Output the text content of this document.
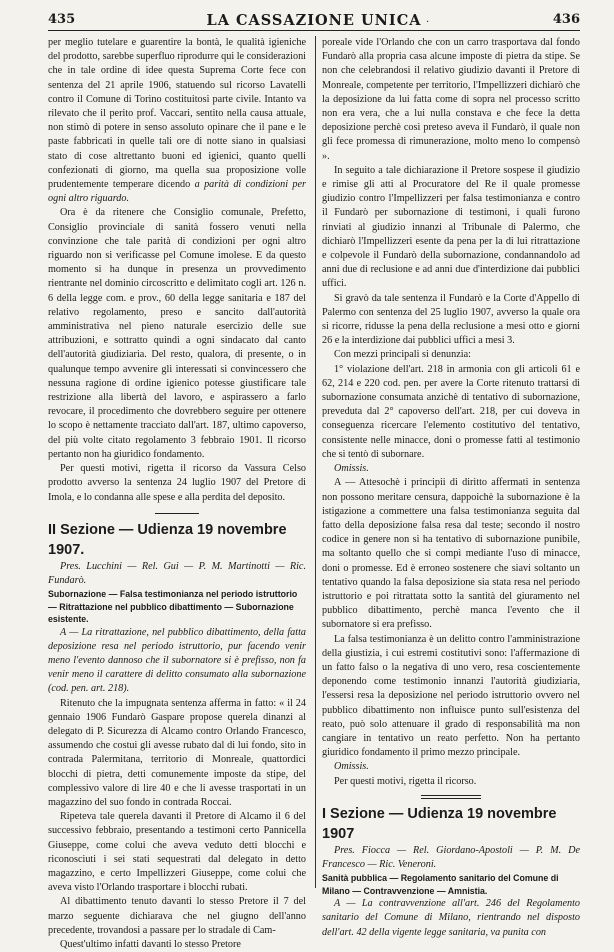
435	LA CASSAZIONE UNICA .	436

per meglio tutelare e guarentire la bontà, le qualità igieniche del prodotto, sarebbe superfluo riprodurre qui le considerazioni che in tale ordine di idee questa Suprema Corte fece con sentenza del 21 aprile 1906, statuendo sul ricorso Lavatelli contro il Comune di Torino costituitosi parte civile. Intanto va rilevato che il perito prof. Vaccari, sentito nella causa attuale, non stimò di potere in senso assoluto opinare che il pane e le paste fabbricati in quelle tali ore di notte siano in qualsiasi stato di cose altrettanto buoni ed igienici, quanto quelli confezionati di giorno, ma quella sua proposizione volle prudentemente temperare dicendo a parità di condizioni per ogni altro riguardo.

Ora è da ritenere che Consiglio comunale, Prefetto, Consiglio provinciale di sanità fossero venuti nella convinzione che tale parità di condizioni per ogni altro riguardo non si verificasse pel Comune imolese. E da questo momento si ha dunque in presenza un provvedimento rientrante nel dominio circoscritto e delimitato cogli art. 126 n. 6 della legge com. e prov., 60 della legge sanitaria e 187 del relativo regolamento, preso e sancito dall'autorità amministrativa nel pieno naturale esercizio delle sue attribuzioni, e sottratto quindi a ogni sindacato dal canto dell'autorità giudiziaria. Del resto, qualora, di presente, o in qualunque tempo avvenire gli interessati si convincessero che nessuna ragione di ordine igienico potesse giustificare tale restrizione alla libertà del lavoro, e aspirassero a farlo revocare, il procedimento che dovrebbero seguire per ottenere lo scopo è nettamente tracciato dall'art. 187, ultimo capoverso, del più volte citato regolamento 3 febbraio 1901. Il ricorso pertanto non ha giuridico fondamento.

Per questi motivi, rigetta il ricorso da Vassura Celso prodotto avverso la sentenza 24 luglio 1907 del Pretore di Imola, e lo condanna alle spese e alla perdita del deposito.

II Sezione — Udienza 19 novembre 1907.

Pres. Lucchini — Rel. Gui — P. M. Martinotti — Ric. Fundarò.

Subornazione — Falsa testimonianza nel periodo istruttorio — Ritrattazione nel pubblico dibattimento — Subornazione esistente.

A — La ritrattazione, nel pubblico dibattimento, della fatta deposizione resa nel periodo istruttorio, pur facendo venir meno l'evento dannoso che il subornatore si è prefisso, non fa venir meno il carattere di delitto consumato alla subornazione (cod. pen. art. 218).

Ritenuto che la impugnata sentenza afferma in fatto: « il 24 gennaio 1906 Fundarò Gaspare propose querela dinanzi al delegato di P. Sicurezza di Alcamo contro Orlando Francesco, assumendo che costui gli avesse rubato dal di lui fondo, sito in contrada Palermitana, territorio di Monreale, quattordici blocchi di pietra, detti comunemente imposte da stipe, del complessivo valore di lire 40 e che li avesse trasportati in un magazzino del suo fondo in contrada Roccai.

Ripeteva tale querela davanti il Pretore di Alcamo il 6 del successivo febbraio, presentando a testimoni certo Pannicella Giuseppe, come colui che aveva veduto detti blocchi e riconosciuti i sei stati sequestrati dal delegato in detto magazzino, e certo Impellizzeri Giuseppe, come colui che aveva visto l'Orlando trasportare i blocchi rubati.

Al dibattimento tenuto davanti lo stesso Pretore il 7 del marzo seguente dichiarava che nel giugno dell'anno precedente, trovandosi a passare per lo stradale di Cam-

Quest'ultimo infatti davanti lo stesso Pretore

poreale vide l'Orlando che con un carro trasportava dal fondo Fundarò alla propria casa alcune imposte di pietra da stipe. Se non che celebrandosi il relativo giudizio davanti il Pretore di Monreale, competente per territorio, l'Impellizzeri dichiarò che la deposizione da lui fatta come di sopra nel processo scritto non era vera, che a lui nulla constava e che fece la detta deposizione perchè così preteso aveva il Fundarò, il quale non gli fece promessa di rimunerazione, molto meno lo compensò ».

In seguito a tale dichiarazione il Pretore sospese il giudizio e rimise gli atti al Procuratore del Re il quale promesse giudizio contro l'Impellizzeri per falsa testimonianza e contro il Fundarò per subornazione di testimoni, i quali furono rinviati al giudizio innanzi al Tribunale di Palermo, che dichiarò l'Impellizzeri esente da pena per la di lui ritrattazione e colpevole il Fundarò della subornazione, condannandolo ad anni due di reclusione e ad anni due d'interdizione dai pubblici uffici.

Si gravò da tale sentenza il Fundarò e la Corte d'Appello di Palermo con sentenza del 25 luglio 1907, avverso la quale ora si ricorre, ridusse la pena della reclusione a mesi otto e giorni 26 e la interdizione dai pubblici uffici a mesi 3.

Con mezzi principali si denunzia:

1° violazione dell'art. 218 in armonia con gli articoli 61 e 62, 214 e 220 cod. pen. per avere la Corte ritenuto trattarsi di subornazione consumata anzichè di tentativo di subornazione, preveduta dal 2° capoverso dell'art. 218, per cui doveva in conseguenza ricercare l'elemento costitutivo del tentativo, consistente nelle minacce, doni o promesse fatti al testimonio che si tentò di subornare.

Omissis.

A — Attesochè i principii di diritto affermati in sentenza non possono meritare censura, dappoichè la subornazione è la istigazione a commettere una falsa testimonianza seguita dal fatto della deposizione falsa resa dal teste; secondo il nostro codice in genere non si ha tentativo di subornazione punibile, ma soltanto quello che si compì mediante l'uso di minacce, doni o promesse. Ed è erroneo sostenere che siavi soltanto un tentativo quando la falsa deposizione sia stata resa nel periodo istruttorio e poi ritrattata sotto la santità del giuramento nel pubblico dibattimento, perchè manca l'evento che il subornatore si era prefisso.

La falsa testimonianza è un delitto contro l'amministrazione della giustizia, i cui estremi costitutivi sono: l'affermazione di un fatto falso o la negativa di uno vero, resa coscientemente deponendo come testimonio innanzi l'autorità giudiziaria, l'essersi resa la deposizione nel periodo istruttorio ovvero nel pubblico dibattimento non influisce punto sull'esistenza del reato, può solo attenuare il grado di responsabilità ma non cangiare in tentativo un reato perfetto. Non ha pertanto giuridico fondamento il primo mezzo principale.

Omissis.

Per questi motivi, rigetta il ricorso.

I Sezione — Udienza 19 novembre 1907

Pres. Fiocca — Rel. Giordano-Apostoli — P. M. De Francesco — Ric. Veneroni.

Sanità pubblica — Regolamento sanitario del Comune di Milano — Contravvenzione — Amnistia.

A — La contravvenzione all'art. 246 del Regolamento sanitario del Comune di Milano, rientrando nel disposto dell'art. 42 della vigente legge sanitaria, va punita con
